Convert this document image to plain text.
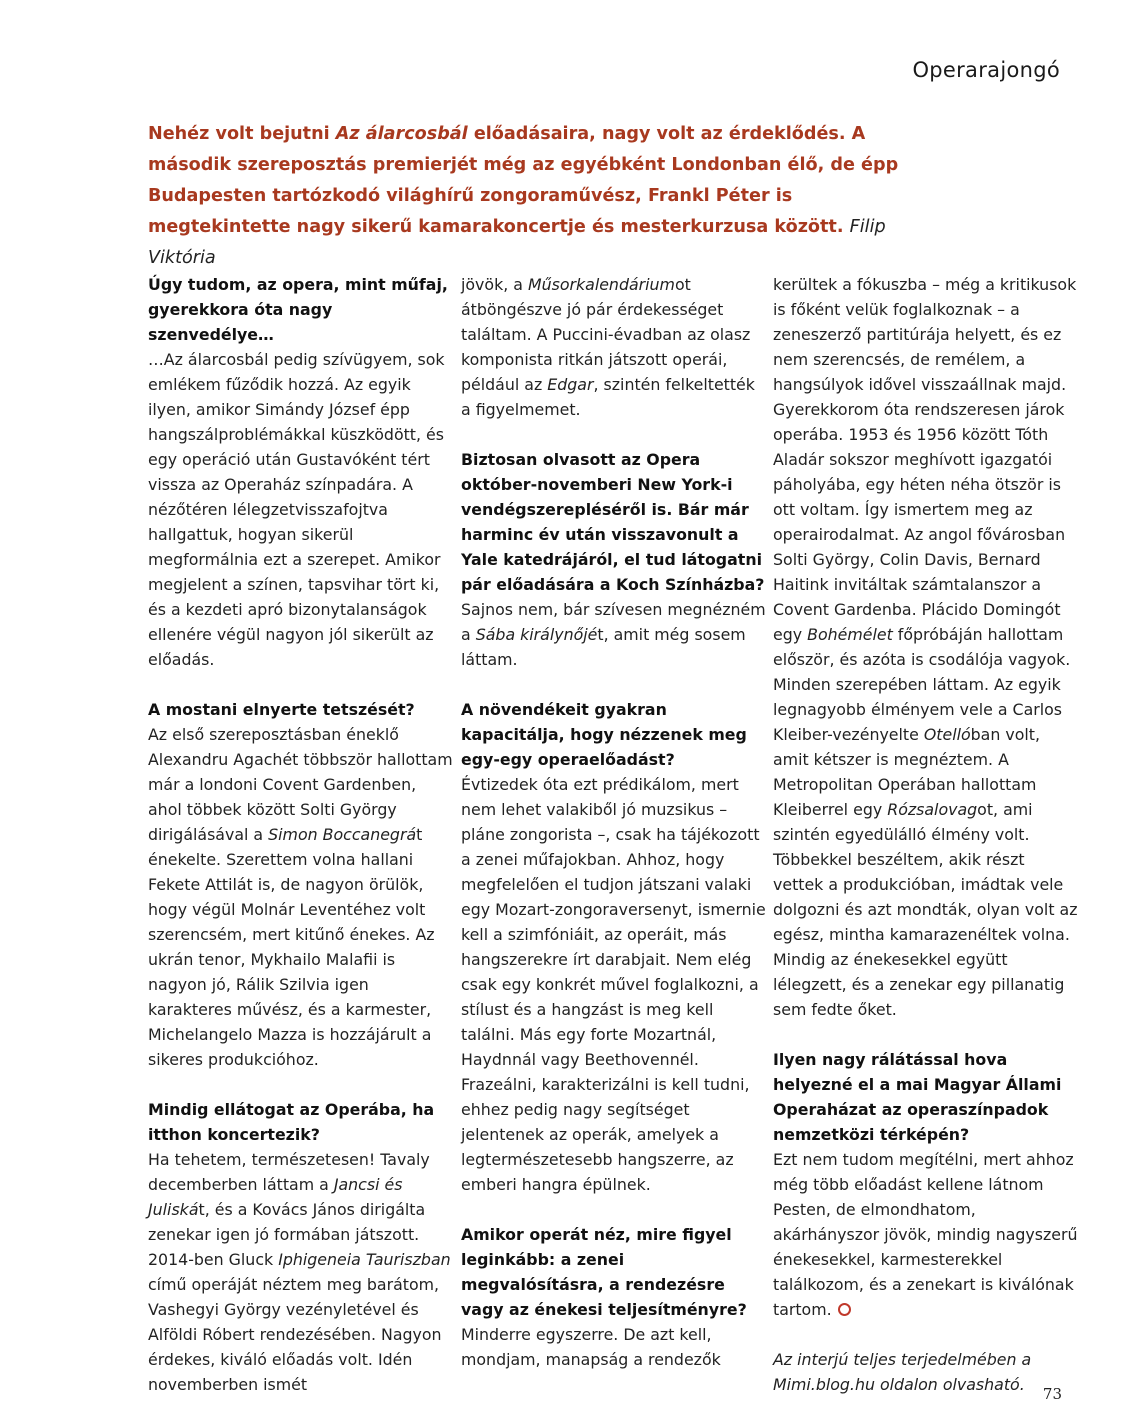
Operarajongó

Nehéz volt bejutni Az álarcosbál előadásaira, nagy volt az érdeklődés. A második szereposztás premierjét még az egyébként Londonban élő, de épp Budapesten tartózkodó világhírű zongoraművész, Frankl Péter is megtekintette nagy sikerű kamarakoncertje és mesterkurzusa között. Filip Viktória

Úgy tudom, az opera, mint műfaj, gyerekkora óta nagy szenvedélye…

…Az álarcosbál pedig szívügyem, sok emlékem fűződik hozzá. Az egyik ilyen, amikor Simándy József épp hangszálproblémákkal küszködött, és egy operáció után Gustavóként tért vissza az Operaház színpadára. A nézőtéren lélegzetvisszafojtva hallgattuk, hogyan sikerül megformálnia ezt a szerepet. Amikor megjelent a színen, tapsvihar tört ki, és a kezdeti apró bizonytalanságok ellenére végül nagyon jól sikerült az előadás.

A mostani elnyerte tetszését?

Az első szereposztásban éneklő Alexandru Agachét többször hallottam már a londoni Covent Gardenben, ahol többek között Solti György dirigálásával a Simon Boccanegrát énekelte. Szerettem volna hallani Fekete Attilát is, de nagyon örülök, hogy végül Molnár Leventéhez volt szerencsém, mert kitűnő énekes. Az ukrán tenor, Mykhailo Malafii is nagyon jó, Rálik Szilvia igen karakteres művész, és a karmester, Michelangelo Mazza is hozzájárult a sikeres produkcióhoz.

Mindig ellátogat az Operába, ha itthon koncertezik?

Ha tehetem, természetesen! Tavaly decemberben láttam a Jancsi és Juliskát, és a Kovács János dirigálta zenekar igen jó formában játszott. 2014-ben Gluck Iphigeneia Tauriszban című operáját néztem meg barátom, Vashegyi György vezényletével és Alföldi Róbert rendezésében. Nagyon érdekes, kiváló előadás volt. Idén novemberben ismét

jövök, a Műsorkalendáriumot átböngészve jó pár érdekességet találtam. A Puccini-évadban az olasz komponista ritkán játszott operái, például az Edgar, szintén felkeltették a figyelmemet.

Biztosan olvasott az Opera október-novemberi New York-i vendégszerepléséről is. Bár már harminc év után visszavonult a Yale katedrájáról, el tud látogatni pár előadására a Koch Színházba?

Sajnos nem, bár szívesen megnézném a Sába királynőjét, amit még sosem láttam.

A növendékeit gyakran kapacitálja, hogy nézzenek meg egy-egy operaelőadást?

Évtizedek óta ezt prédikálom, mert nem lehet valakiből jó muzsikus – pláne zongorista –, csak ha tájékozott a zenei műfajokban. Ahhoz, hogy megfelelően el tudjon játszani valaki egy Mozart-zongoraversenyt, ismernie kell a szimfóniáit, az operáit, más hangszerekre írt darabjait. Nem elég csak egy konkrét művel foglalkozni, a stílust és a hangzást is meg kell találni. Más egy forte Mozartnál, Haydnnál vagy Beethovennél. Frazeálni, karakterizálni is kell tudni, ehhez pedig nagy segítséget jelentenek az operák, amelyek a legtermészetesebb hangszerre, az emberi hangra épülnek.

Amikor operát néz, mire figyel leginkább: a zenei megvalósításra, a rendezésre vagy az énekesi teljesítményre?

Minderre egyszerre. De azt kell, mondjam, manapság a rendezők

kerültek a fókuszba – még a kritikusok is főként velük foglalkoznak – a zeneszerző partitúrája helyett, és ez nem szerencsés, de remélem, a hangsúlyok idővel visszaállnak majd. Gyerekkorom óta rendszeresen járok operába. 1953 és 1956 között Tóth Aladár sokszor meghívott igazgatói páholyába, egy héten néha ötször is ott voltam. Így ismertem meg az operairodalmat. Az angol fővárosban Solti György, Colin Davis, Bernard Haitink invitáltak számtalanszor a Covent Gardenba. Plácido Domingót egy Bohémélet főpróbáján hallottam először, és azóta is csodálója vagyok. Minden szerepében láttam. Az egyik legnagyobb élményem vele a Carlos Kleiber-vezényelte Otellóban volt, amit kétszer is megnéztem. A Metropolitan Operában hallottam Kleiberrel egy Rózsalovagot, ami szintén egyedülálló élmény volt. Többekkel beszéltem, akik részt vettek a produkcióban, imádtak vele dolgozni és azt mondták, olyan volt az egész, mintha kamarazenéltek volna. Mindig az énekesekkel együtt lélegzett, és a zenekar egy pillanatig sem fedte őket.

Ilyen nagy rálátással hova helyezné el a mai Magyar Állami Operaházat az operaszínpadok nemzetközi térképén?

Ezt nem tudom megítélni, mert ahhoz még több előadást kellene látnom Pesten, de elmondhatom, akárhányszor jövök, mindig nagyszerű énekesekkel, karmesterekkel találkozom, és a zenekart is kiválónak tartom.

Az interjú teljes terjedelmében a Mimi.blog.hu oldalon olvasható.	73
